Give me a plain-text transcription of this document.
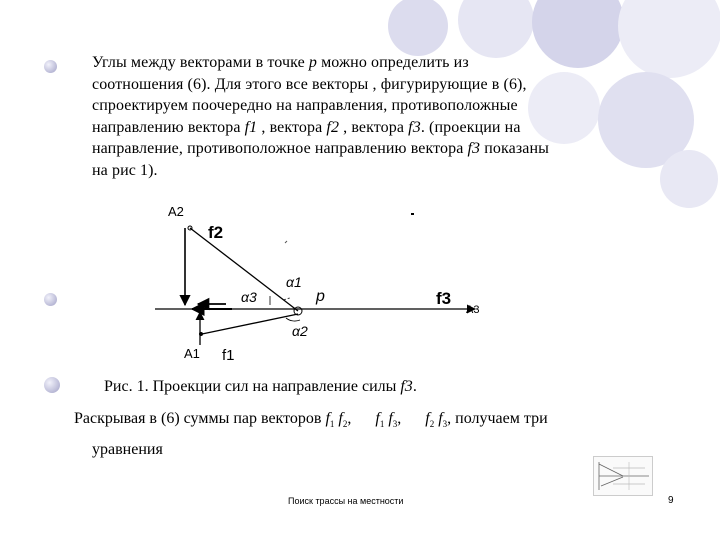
Углы между векторами в точке p можно определить из
соотношения (6). Для этого все векторы , фигурирующие в (6),
спроектируем поочередно на направления, противоположные
направлению вектора f1 , вектора f2 , вектора f3. (проекции на
направление, противоположное направлению вектора f3 показаны
на рис 1).
A2
f2
α1
α3	p	f3
A3
α2
A1 f1
Рис. 1. Проекции сил на направление силы f3.
Раскрывая в (6) суммы пар векторов $f_1$ $f_2$, $f_1$ $f_3$, $f_2$ $f_3$, получаем три
уравнения
Поиск трассы на местности	9
